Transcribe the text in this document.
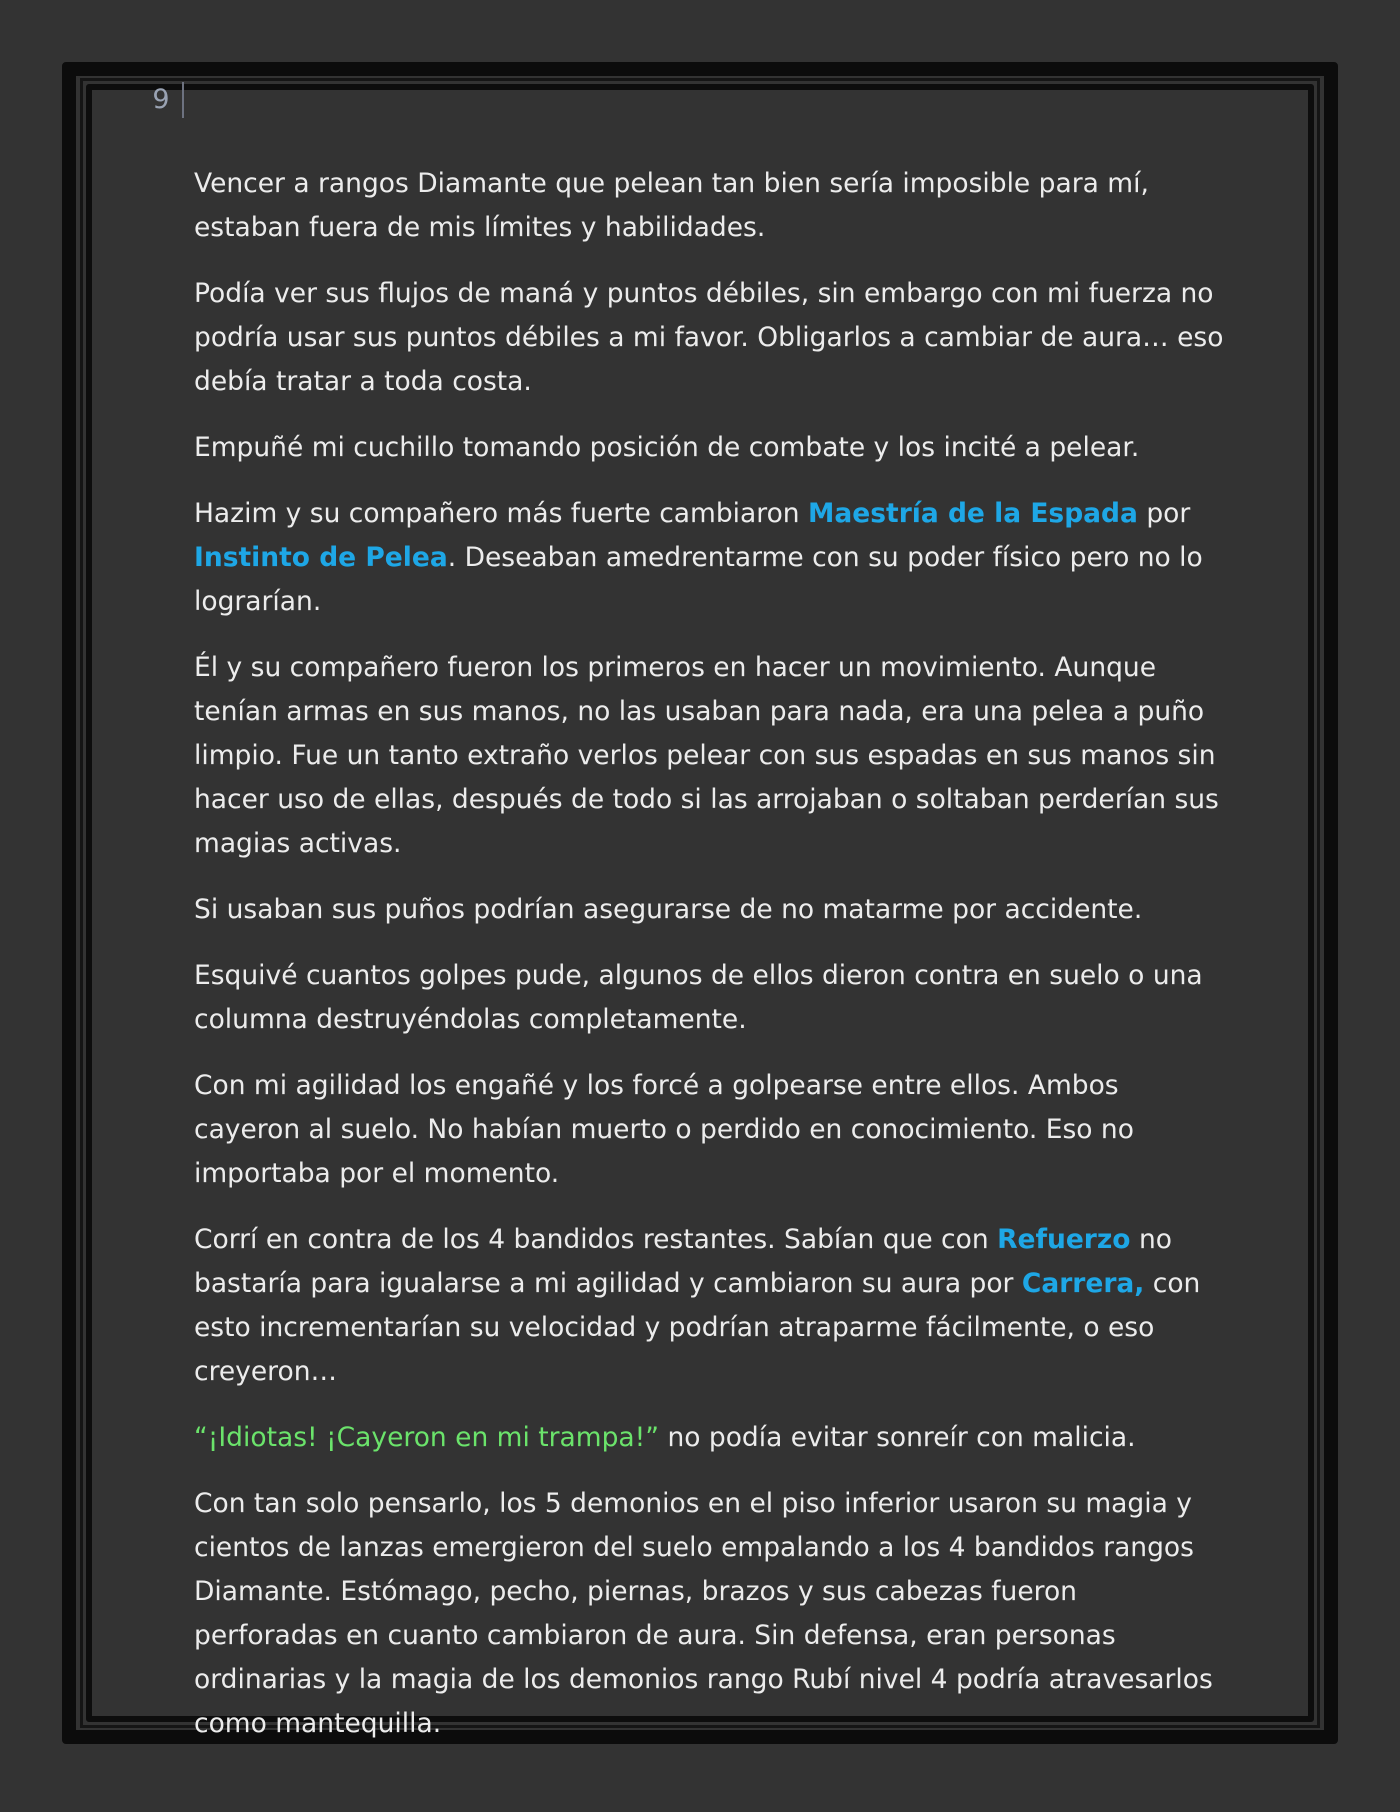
9

Vencer a rangos Diamante que pelean tan bien sería imposible para mí, estaban fuera de mis límites y habilidades.

Podía ver sus flujos de maná y puntos débiles, sin embargo con mi fuerza no podría usar sus puntos débiles a mi favor. Obligarlos a cambiar de aura… eso debía tratar a toda costa.

Empuñé mi cuchillo tomando posición de combate y los incité a pelear.

Hazim y su compañero más fuerte cambiaron Maestría de la Espada por Instinto de Pelea. Deseaban amedrentarme con su poder físico pero no lo lograrían.

Él y su compañero fueron los primeros en hacer un movimiento. Aunque tenían armas en sus manos, no las usaban para nada, era una pelea a puño limpio. Fue un tanto extraño verlos pelear con sus espadas en sus manos sin hacer uso de ellas, después de todo si las arrojaban o soltaban perderían sus magias activas.

Si usaban sus puños podrían asegurarse de no matarme por accidente.

Esquivé cuantos golpes pude, algunos de ellos dieron contra en suelo o una columna destruyéndolas completamente.

Con mi agilidad los engañé y los forcé a golpearse entre ellos. Ambos cayeron al suelo. No habían muerto o perdido en conocimiento. Eso no importaba por el momento.

Corrí en contra de los 4 bandidos restantes. Sabían que con Refuerzo no bastaría para igualarse a mi agilidad y cambiaron su aura por Carrera, con esto incrementarían su velocidad y podrían atraparme fácilmente, o eso creyeron…

“¡Idiotas! ¡Cayeron en mi trampa!” no podía evitar sonreír con malicia.

Con tan solo pensarlo, los 5 demonios en el piso inferior usaron su magia y cientos de lanzas emergieron del suelo empalando a los 4 bandidos rangos Diamante. Estómago, pecho, piernas, brazos y sus cabezas fueron perforadas en cuanto cambiaron de aura. Sin defensa, eran personas ordinarias y la magia de los demonios rango Rubí nivel 4 podría atravesarlos como mantequilla.
